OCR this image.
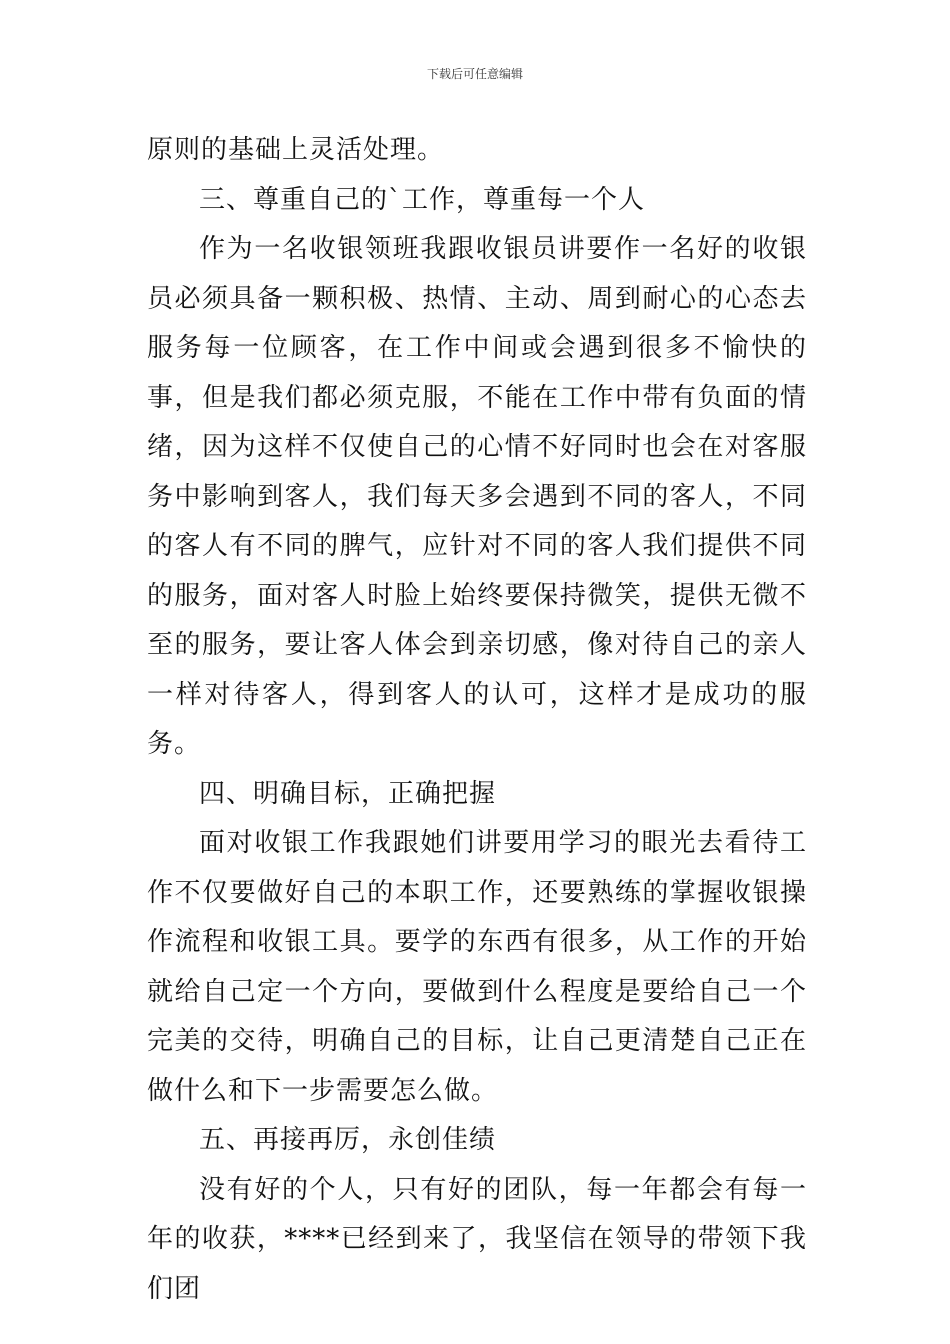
下载后可任意编辑

原则的基础上灵活处理。

三、尊重自己的`工作，尊重每一个人

作为一名收银领班我跟收银员讲要作一名好的收银员必须具备一颗积极、热情、主动、周到耐心的心态去服务每一位顾客，在工作中间或会遇到很多不愉快的事，但是我们都必须克服，不能在工作中带有负面的情绪，因为这样不仅使自己的心情不好同时也会在对客服务中影响到客人，我们每天多会遇到不同的客人，不同的客人有不同的脾气，应针对不同的客人我们提供不同的服务，面对客人时脸上始终要保持微笑，提供无微不至的服务，要让客人体会到亲切感，像对待自己的亲人一样对待客人，得到客人的认可，这样才是成功的服务。

四、明确目标，正确把握

面对收银工作我跟她们讲要用学习的眼光去看待工作不仅要做好自己的本职工作，还要熟练的掌握收银操作流程和收银工具。要学的东西有很多，从工作的开始就给自己定一个方向，要做到什么程度是要给自己一个完美的交待，明确自己的目标，让自己更清楚自己正在做什么和下一步需要怎么做。

五、再接再厉，永创佳绩

没有好的个人，只有好的团队，每一年都会有每一年的收获，****已经到来了，我坚信在领导的带领下我们团
